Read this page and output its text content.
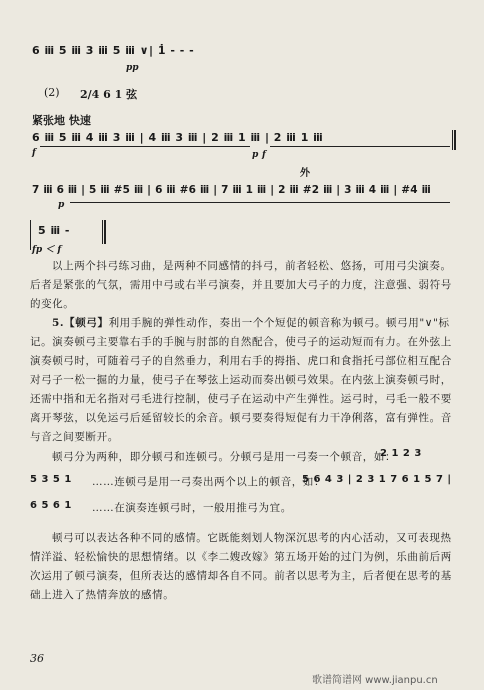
6 ⅲ 5 ⅲ 3 ⅲ 5 ⅲ ∨| 1̇ - - -
pp
(2) 2/4 6 1 弦
紧张地 快速
6 ⅲ 5 ⅲ 4 ⅲ 3 ⅲ | 4 ⅲ 3 ⅲ | 2 ⅲ 1 ⅲ | 2 ⅲ 1 ⅲ
f	p f
外
7 ⅲ 6 ⅲ | 5 ⅲ #5 ⅲ | 6 ⅲ #6 ⅲ | 7 ⅲ 1 ⅲ | 2 ⅲ #2 ⅲ | 3 ⅲ 4 ⅲ | #4 ⅲ
p
5 ⅲ -
fp ＜ f
以上两个抖弓练习曲，是两种不同感情的抖弓，前者轻松、悠扬，可用弓尖演奏。后者是紧张的气氛，需用中弓或右半弓演奏，并且要加大弓子的力度，注意强、弱符号的变化。
5.【顿弓】利用手腕的弹性动作，奏出一个个短促的顿音称为顿弓。顿弓用"∨"标记。演奏顿弓主要靠右手的手腕与肘部的自然配合，使弓子的运动短而有力。在外弦上演奏顿弓时，可随着弓子的自然垂力，利用右手的拇指、虎口和食指托弓部位相互配合对弓子一松一掘的力量，使弓子在琴弦上运动而奏出顿弓效果。在内弦上演奏顿弓时，还需中指和无名指对弓毛进行控制，使弓子在运动中产生弹性。运弓时，弓毛一般不要离开琴弦，以免运弓后延留较长的余音。顿弓要奏得短促有力干净俐落，富有弹性。音与音之间要断开。
顿弓分为两种，即分顿弓和连顿弓。分顿弓是用一弓奏一个顿音，如：
2 1 2 3
5 3 5 1 ……连顿弓是用一弓奏出两个以上的顿音，如：
5 6 4 3 | 2 3 1 7 6 1 5 7 |
6 5 6 1 ……在演奏连顿弓时，一般用推弓为宜。
顿弓可以表达各种不同的感情。它既能刻划人物深沉思考的内心活动，又可表现热情洋溢、轻松愉快的思想情绪。以《李二嫂改嫁》第五场开始的过门为例，乐曲前后两次运用了顿弓演奏，但所表达的感情却各自不同。前者以思考为主，后者便在思考的基础上进入了热情奔放的感情。
36
歌谱简谱网 www.jianpu.cn
